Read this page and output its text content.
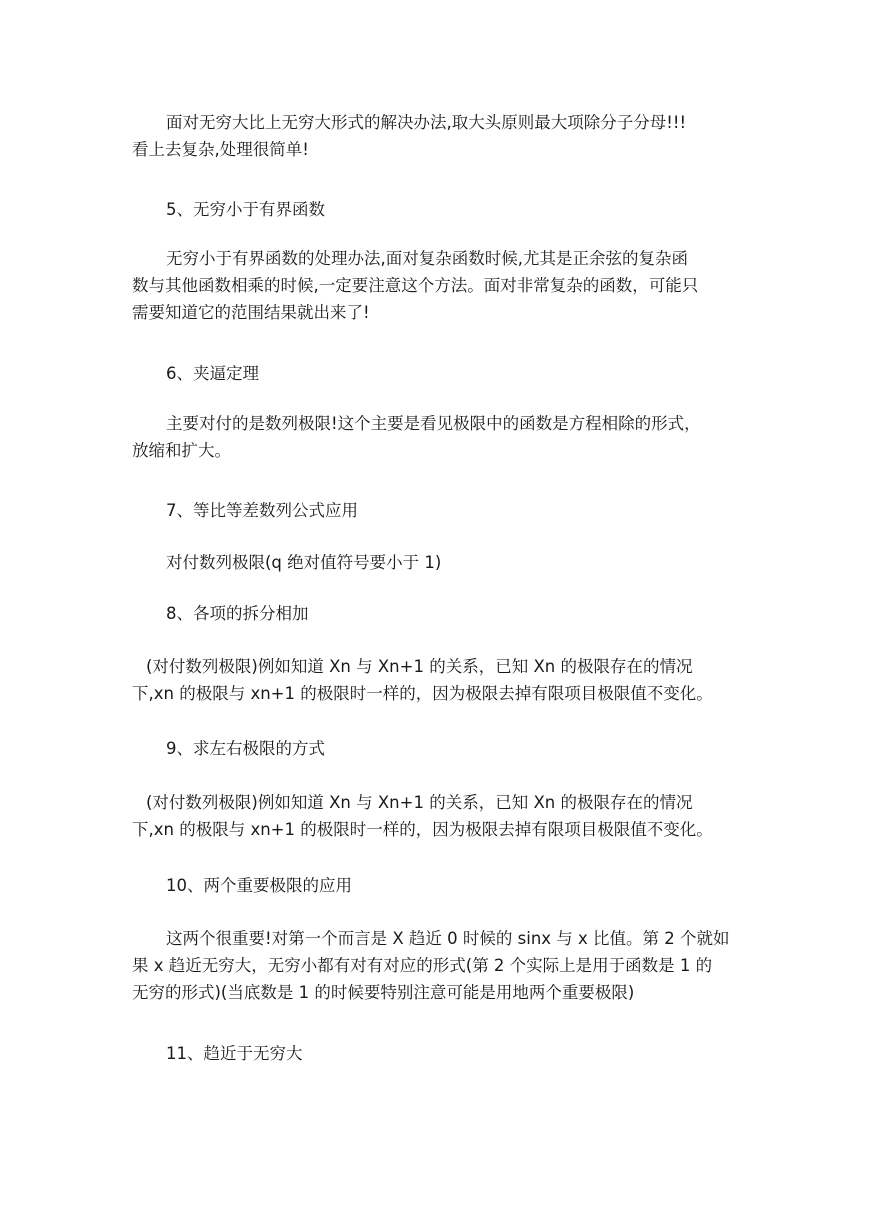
面对无穷大比上无穷大形式的解决办法,取大头原则最大项除分子分母!!!
看上去复杂,处理很简单!
5、无穷小于有界函数
无穷小于有界函数的处理办法,面对复杂函数时候,尤其是正余弦的复杂函
数与其他函数相乘的时候,一定要注意这个方法。面对非常复杂的函数，可能只
需要知道它的范围结果就出来了!
6、夹逼定理
主要对付的是数列极限!这个主要是看见极限中的函数是方程相除的形式，
放缩和扩大。
7、等比等差数列公式应用
对付数列极限(q 绝对值符号要小于 1)
8、各项的拆分相加
(对付数列极限)例如知道 Xn 与 Xn+1 的关系，已知 Xn 的极限存在的情况
下,xn 的极限与 xn+1 的极限时一样的，因为极限去掉有限项目极限值不变化。
9、求左右极限的方式
(对付数列极限)例如知道 Xn 与 Xn+1 的关系，已知 Xn 的极限存在的情况
下,xn 的极限与 xn+1 的极限时一样的，因为极限去掉有限项目极限值不变化。
10、两个重要极限的应用
这两个很重要!对第一个而言是 X 趋近 0 时候的 sinx 与 x 比值。第 2 个就如
果 x 趋近无穷大，无穷小都有对有对应的形式(第 2 个实际上是用于函数是 1 的
无穷的形式)(当底数是 1 的时候要特别注意可能是用地两个重要极限)
11、趋近于无穷大
